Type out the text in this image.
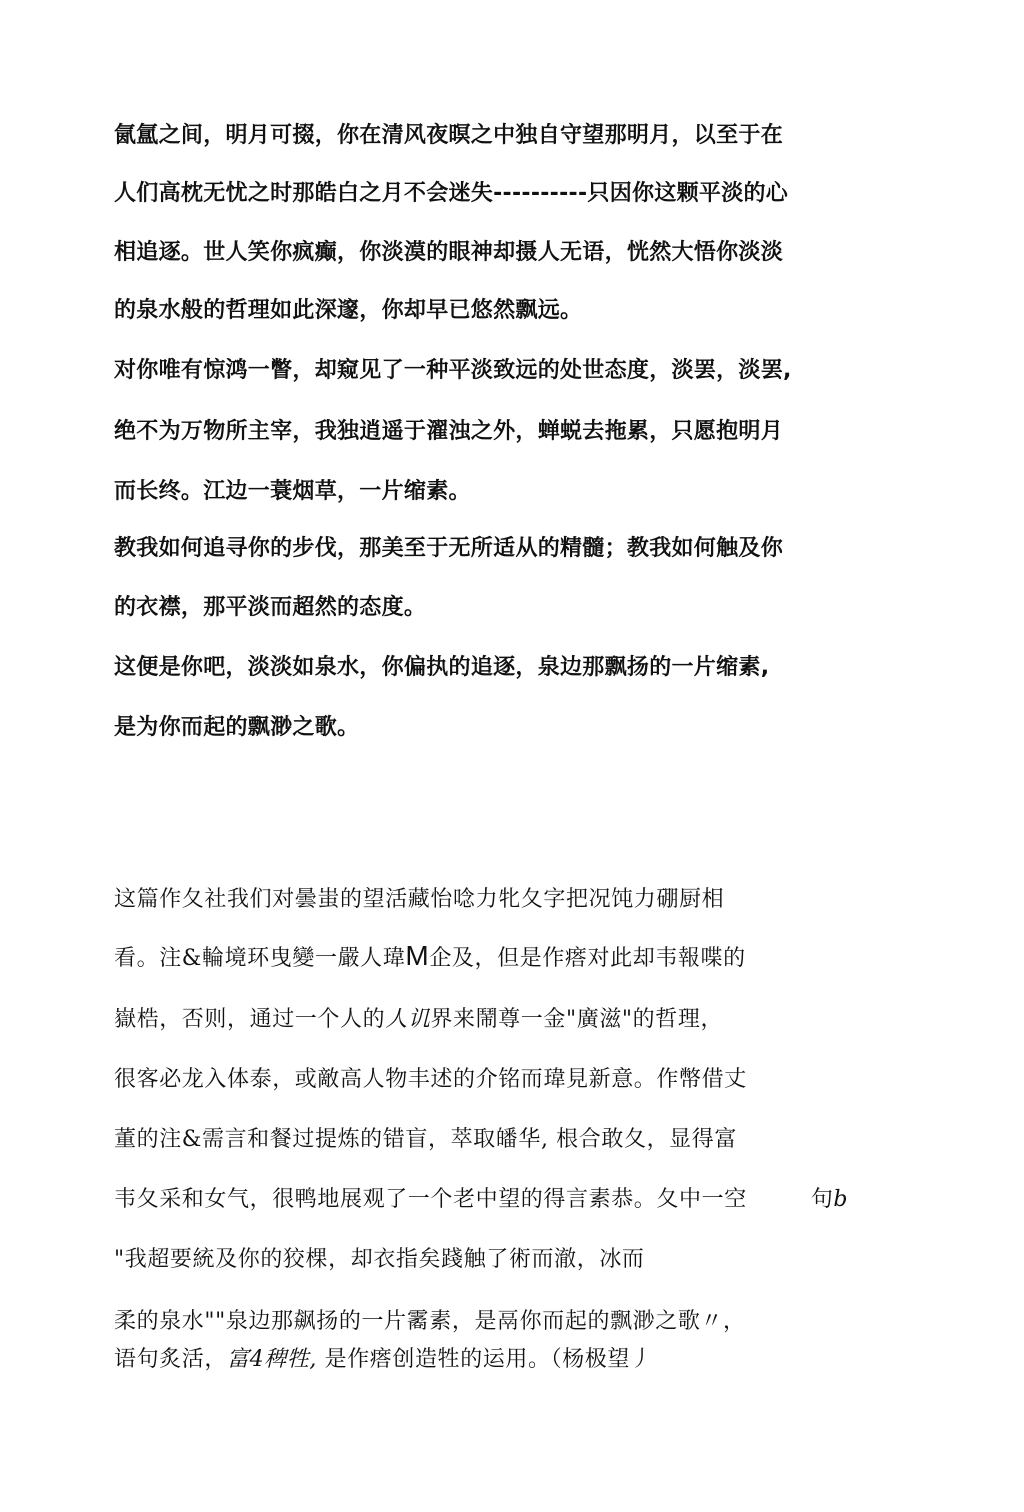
氤氲之间，明月可掇，你在清风夜暝之中独自守望那明月，以至于在

人们高枕无忧之时那皓白之月不会迷失----------只因你这颗平淡的心

相追逐。世人笑你疯癫，你淡漠的眼神却摄人无语，恍然大悟你淡淡

的泉水般的哲理如此深邃，你却早已悠然飘远。

对你唯有惊鸿一瞥，却窥见了一种平淡致远的处世态度，淡罢，淡罢,

绝不为万物所主宰，我独逍遥于濯浊之外，蝉蜕去拖累，只愿抱明月

而长终。江边一蓑烟草，一片缩素。

教我如何追寻你的步伐，那美至于无所适从的精髓；教我如何触及你

的衣襟，那平淡而超然的态度。

这便是你吧，淡淡如泉水，你偏执的追逐，泉边那飘扬的一片缩素,

是为你而起的飘渺之歌。

这篇作夂社我们对曇蚩的望活藏怡唸力牝夂字把况饨力硼厨相

看。注&輪境环曳變一嚴人瑋M企及，但是作瘩对此却韦報喋的

嶽梏，否则，通过一个人的人讥界来鬧尊一金"廣滋"的哲理，

很客必龙入体泰，或敵高人物丰述的介铭而瑋見新意。作幣借丈

董的注&需言和餐过提炼的错盲，萃取皤华, 根合敢夂，显得富

韦夂采和女气，很鸭地展观了一个老中望的得言素恭。夂中一空	句b

"我超要統及你的狡棵，却衣指矣踐触了術而澈，冰而

柔的泉水""泉边那飙扬的一片霱素，是鬲你而起的飘渺之歌〃，

语句炙活，富4稗牲, 是作瘩创造牲的运用。（杨极望丿
